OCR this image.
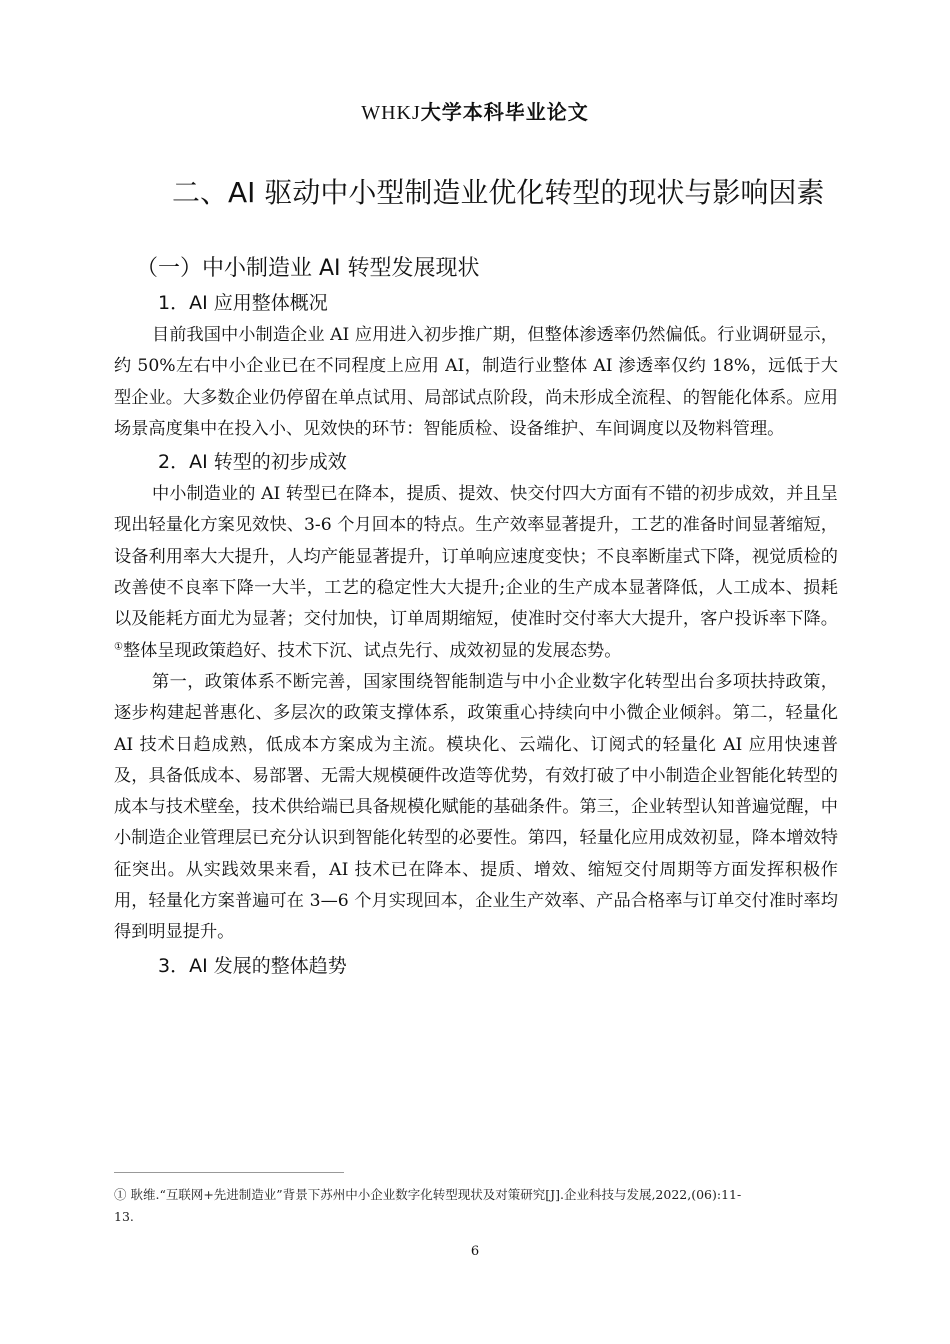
WHKJ大学本科毕业论文
二、AI 驱动中小型制造业优化转型的现状与影响因素
（一）中小制造业 AI 转型发展现状
1．AI 应用整体概况

目前我国中小制造企业 AI 应用进入初步推广期，但整体渗透率仍然偏低。行业调研显示，约 50%左右中小企业已在不同程度上应用 AI，制造行业整体 AI 渗透率仅约 18%，远低于大型企业。大多数企业仍停留在单点试用、局部试点阶段，尚未形成全流程、的智能化体系。应用场景高度集中在投入小、见效快的环节：智能质检、设备维护、车间调度以及物料管理。

2．AI 转型的初步成效

中小制造业的 AI 转型已在降本，提质、提效、快交付四大方面有不错的初步成效，并且呈现出轻量化方案见效快、3-6 个月回本的特点。生产效率显著提升，工艺的准备时间显著缩短，设备利用率大大提升，人均产能显著提升，订单响应速度变快；不良率断崖式下降，视觉质检的改善使不良率下降一大半，工艺的稳定性大大提升;企业的生产成本显著降低，人工成本、损耗以及能耗方面尤为显著；交付加快，订单周期缩短，使准时交付率大大提升，客户投诉率下降。①整体呈现政策趋好、技术下沉、试点先行、成效初显的发展态势。

第一，政策体系不断完善，国家围绕智能制造与中小企业数字化转型出台多项扶持政策，逐步构建起普惠化、多层次的政策支撑体系，政策重心持续向中小微企业倾斜。第二，轻量化 AI 技术日趋成熟，低成本方案成为主流。模块化、云端化、订阅式的轻量化 AI 应用快速普及，具备低成本、易部署、无需大规模硬件改造等优势，有效打破了中小制造企业智能化转型的成本与技术壁垒，技术供给端已具备规模化赋能的基础条件。第三，企业转型认知普遍觉醒，中小制造企业管理层已充分认识到智能化转型的必要性。第四，轻量化应用成效初显，降本增效特征突出。从实践效果来看，AI 技术已在降本、提质、增效、缩短交付周期等方面发挥积极作用，轻量化方案普遍可在 3—6 个月实现回本，企业生产效率、产品合格率与订单交付准时率均得到明显提升。

3．AI 发展的整体趋势
① 耿维.“互联网+先进制造业”背景下苏州中小企业数字化转型现状及对策研究[J].企业科技与发展,2022,(06):11-13.
6
